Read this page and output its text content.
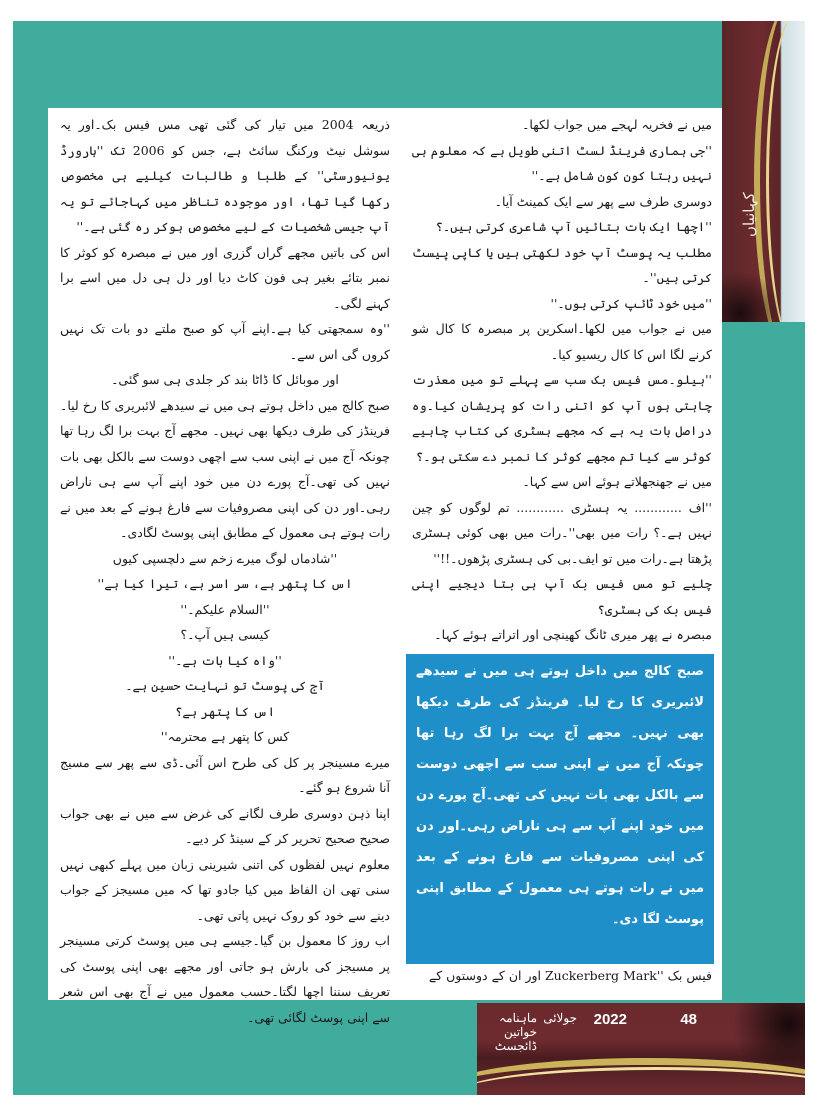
کہانیاں

میں نے فخریہ لہجے میں جواب لکھا۔

''جی ہماری فرینڈ لسٹ اتنی طویل ہے کہ معلوم ہی نہیں رہتا کون کون شامل ہے۔''

دوسری طرف سے پھر سے ایک کمینٹ آیا۔

''اچھا ایک بات بتائیں آپ شاعری کرتی ہیں۔؟

مطلب یہ پوسٹ آپ خود لکھتی ہیں یا کاپی پیسٹ کرتی ہیں''۔

''میں خود ٹائپ کرتی ہوں۔''

میں نے جواب میں لکھا۔اسکرین پر مبصرہ کا کال شو کرنے لگا اس کا کال ریسیو کیا۔

''ہیلو۔مس فیس بک سب سے پہلے تو میں معذرت چاہتی ہوں آپ کو اتنی رات کو پریشان کیا۔وہ دراصل بات یہ ہے کہ مجھے ہسٹری کی کتاب چاہیے کوثر سے کیا تم مجھے کوثر کا نمبر دے سکتی ہو۔؟

میں نے جھنجھلاتے ہوئے اس سے کہا۔

''اف ............ یہ ہسٹری ............ تم لوگوں کو چین نہیں ہے۔؟ رات میں بھی''۔رات میں بھی کوئی ہسٹری پڑھتا ہے۔رات میں تو ایف۔بی کی ہسٹری پڑھوں۔!!''

چلیے تو مس فیس بک آپ ہی بتا دیجیے اپنی فیس بک کی ہسٹری؟

مبصرہ نے پھر میری ٹانگ کھینچی اور اتراتے ہوئے کہا۔

صبح کالج میں داخل ہوتے ہی میں نے سیدھے لائبریری کا رخ لیا۔ فرینڈز کی طرف دیکھا بھی نہیں۔ مجھے آج بہت برا لگ رہا تھا چونکہ آج میں نے اپنی سب سے اچھی دوست سے بالکل بھی بات نہیں کی تھی۔آج پورے دن میں خود اپنے آپ سے ہی ناراض رہی۔اور دن کی اپنی مصروفیات سے فارغ ہونے کے بعد میں نے رات ہوتے ہی معمول کے مطابق اپنی پوسٹ لگا دی۔
فیس بک ''Zuckerberg Mark اور ان کے دوستوں کے

ذریعہ 2004 میں تیار کی گئی تھی مس فیس بک۔اور یہ سوشل نیٹ ورکنگ سائٹ ہے، جس کو 2006 تک ''ہارورڈ یونیورسٹی'' کے طلبا و طالبات کیلیے ہی مخصوص رکھا گیا تھا، اور موجودہ تناظر میں کہاجائے تو یہ آپ جیسی شخصیات کے لیے مخصوص ہوکر رہ گئی ہے۔''

اس کی باتیں مجھے گراں گزری اور میں نے مبصرہ کو کوثر کا نمبر بتائے بغیر ہی فون کاٹ دیا اور دل ہی دل میں اسے برا کہنے لگی۔

''وہ سمجھتی کیا ہے۔اپنے آپ کو صبح ملتے دو بات تک نہیں کروں گی اس سے۔

اور موبائل کا ڈاٹا بند کر جلدی ہی سو گئی۔

صبح کالج میں داخل ہوتے ہی میں نے سیدھے لائبریری کا رخ لیا۔فرینڈز کی طرف دیکھا بھی نہیں۔ مجھے آج بہت برا لگ رہا تھا چونکہ آج میں نے اپنی سب سے اچھی دوست سے بالکل بھی بات نہیں کی تھی۔آج پورے دن میں خود اپنے آپ سے ہی ناراض رہی۔اور دن کی اپنی مصروفیات سے فارغ ہونے کے بعد میں نے رات ہوتے ہی معمول کے مطابق اپنی پوسٹ لگادی۔

''شادماں لوگ میرے زخم سے دلچسپی کیوں

اس کا پتھر ہے، سر اسر ہے، تیرا کیا ہے''

''السلام علیکم۔''

کیسی ہیں آپ۔؟

''واہ کیا بات ہے۔''

آج کی پوسٹ تو نہایت حسین ہے۔

اس کا پتھر ہے؟

کس کا پتھر ہے محترمہ''

میرے مسینجر پر کل کی طرح اس آئی۔ڈی سے پھر سے مسیج آنا شروع ہو گئے۔

اپنا ذہن دوسری طرف لگانے کی غرض سے میں نے بھی جواب صحیح صحیح تحریر کر کے سینڈ کر دیے۔

معلوم نہیں لفظوں کی اتنی شیرینی زبان میں پہلے کبھی نہیں سنی تھی ان الفاظ میں کیا جادو تھا کہ میں مسیجز کے جواب دینے سے خود کو روک نہیں پاتی تھی۔

اب روز کا معمول بن گیا۔جیسے ہی میں پوسٹ کرتی مسینجر پر مسیجز کی بارش ہو جاتی اور مجھے بھی اپنی پوسٹ کی تعریف سننا اچھا لگتا۔حسب معمول میں نے آج بھی اس شعر سے اپنی پوسٹ لگائی تھی۔	48
2022
جولائی
ماہنامہ خواتین ڈائجسٹ
